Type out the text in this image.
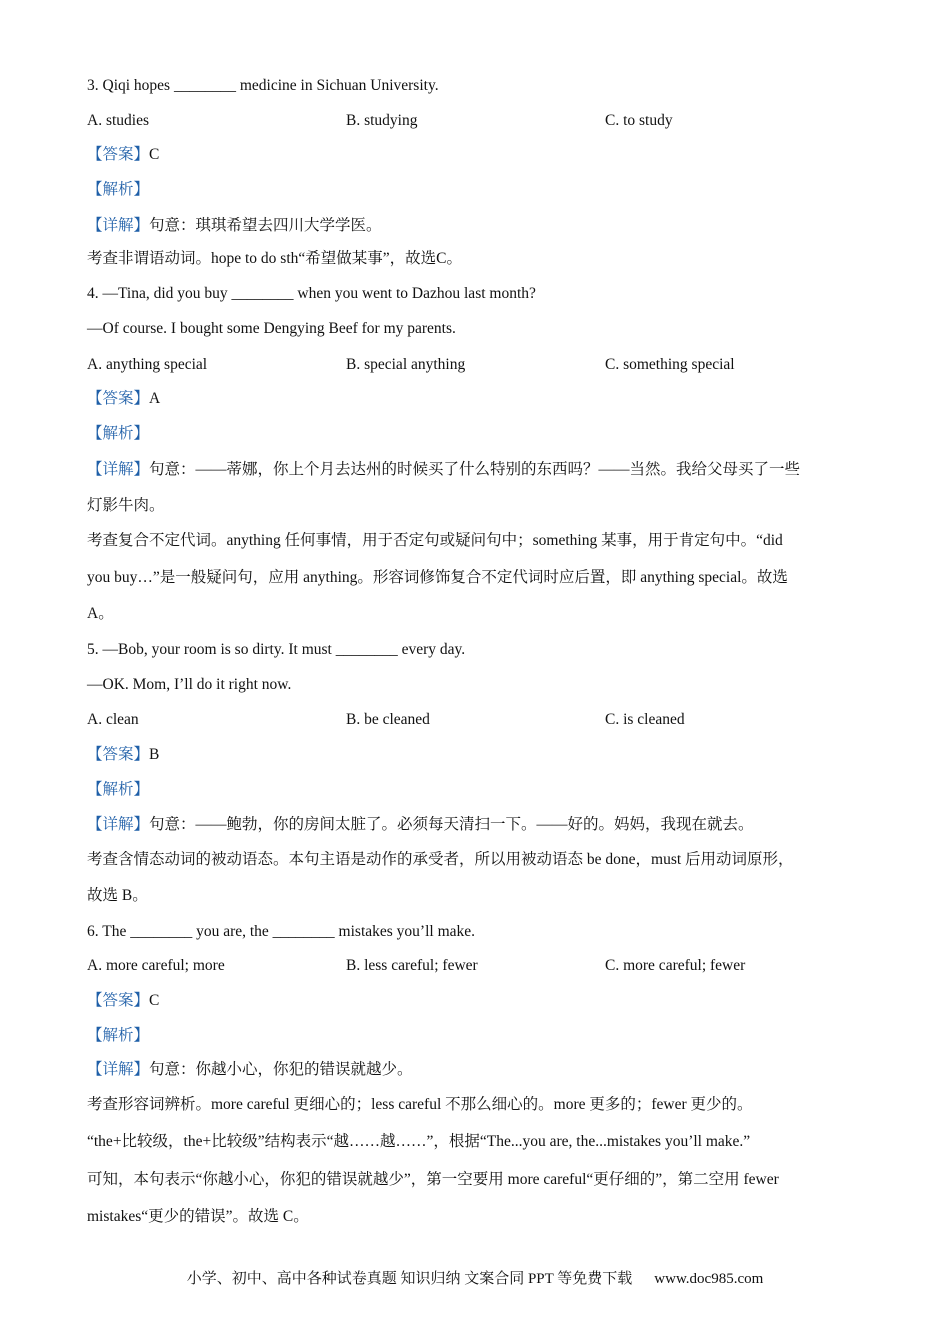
3. Qiqi hopes ________ medicine in Sichuan University.
A. studies	B. studying	C. to study
【答案】C
【解析】
【详解】句意：琪琪希望去四川大学学医。
考查非谓语动词。hope to do sth“希望做某事”，故选C。
4. —Tina, did you buy ________ when you went to Dazhou last month?
—Of course. I bought some Dengying Beef for my parents.
A. anything special	B. special anything	C. something special
【答案】A
【解析】
【详解】句意：——蒂娜，你上个月去达州的时候买了什么特别的东西吗？——当然。我给父母买了一些
灯影牛肉。
考查复合不定代词。anything 任何事情，用于否定句或疑问句中；something 某事，用于肯定句中。“did
you buy…”是一般疑问句，应用 anything。形容词修饰复合不定代词时应后置，即 anything special。故选
A。
5. —Bob, your room is so dirty. It must ________ every day.
—OK. Mom, I’ll do it right now.
A. clean	B. be cleaned	C. is cleaned
【答案】B
【解析】
【详解】句意：——鲍勃，你的房间太脏了。必须每天清扫一下。——好的。妈妈，我现在就去。
考查含情态动词的被动语态。本句主语是动作的承受者，所以用被动语态 be done，must 后用动词原形，
故选 B。
6. The ________ you are, the ________ mistakes you’ll make.
A. more careful; more	B. less careful; fewer	C. more careful; fewer
【答案】C
【解析】
【详解】句意：你越小心，你犯的错误就越少。
考查形容词辨析。more careful 更细心的；less careful 不那么细心的。more 更多的；fewer 更少的。
“the+比较级，the+比较级”结构表示“越……越……”，根据“The...you are, the...mistakes you’ll make.”
可知，本句表示“你越小心，你犯的错误就越少”，第一空要用 more careful“更仔细的”，第二空用 fewer
mistakes“更少的错误”。故选 C。
小学、初中、高中各种试卷真题 知识归纳 文案合同 PPT 等免费下载 www.doc985.com
